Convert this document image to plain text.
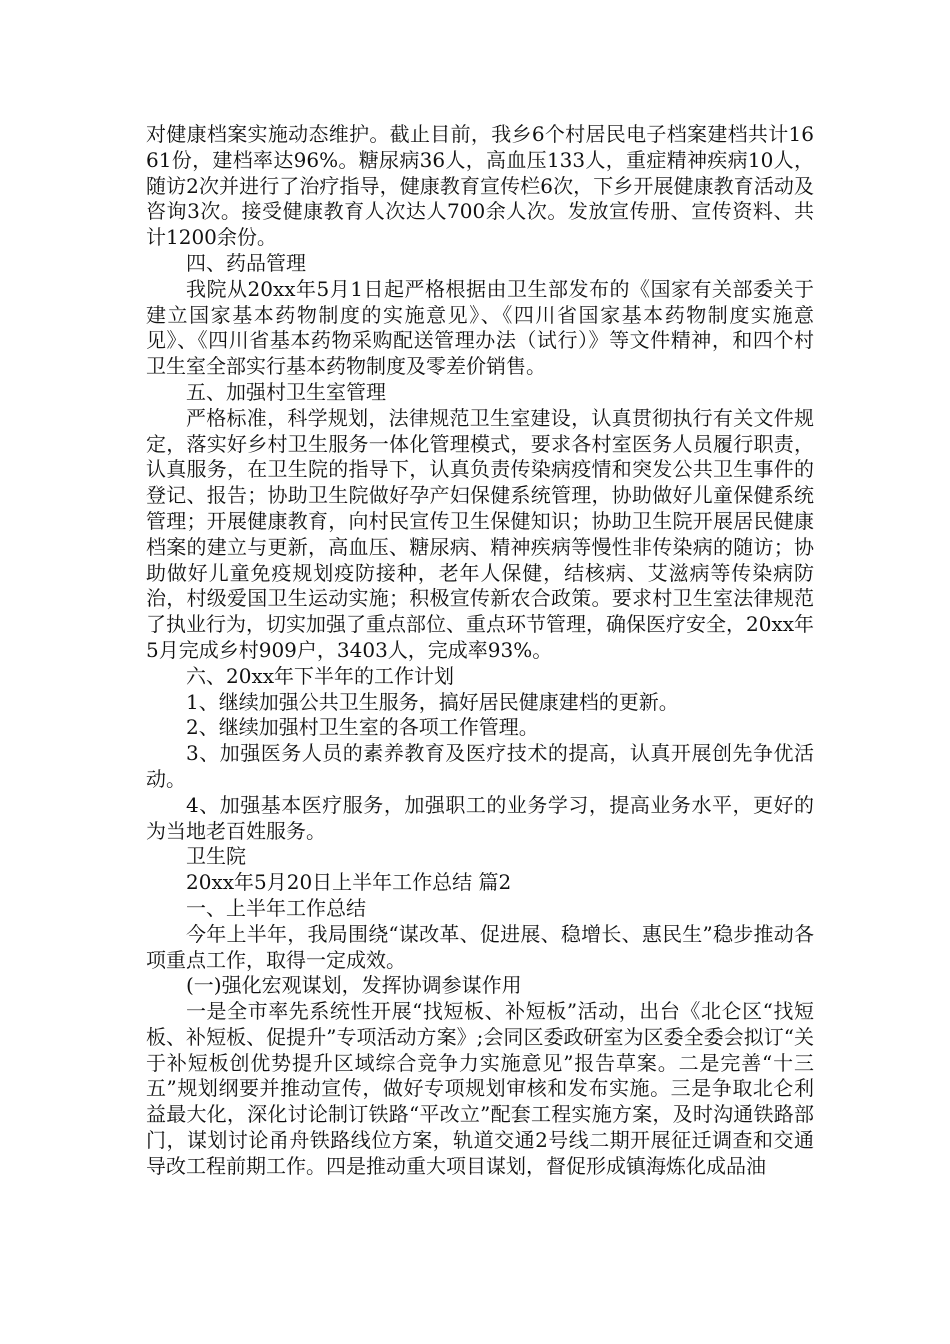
对健康档案实施动态维护。截止目前，我乡6个村居民电子档案建档共计1661份，建档率达96%。糖尿病36人，高血压133人，重症精神疾病10人，随访2次并进行了治疗指导，健康教育宣传栏6次，下乡开展健康教育活动及咨询3次。接受健康教育人次达人700余人次。发放宣传册、宣传资料、共计1200余份。

四、药品管理

我院从20xx年5月1日起严格根据由卫生部发布的《国家有关部委关于建立国家基本药物制度的实施意见》、《四川省国家基本药物制度实施意见》、《四川省基本药物采购配送管理办法（试行）》等文件精神，和四个村卫生室全部实行基本药物制度及零差价销售。

五、加强村卫生室管理

严格标准，科学规划，法律规范卫生室建设，认真贯彻执行有关文件规定，落实好乡村卫生服务一体化管理模式，要求各村室医务人员履行职责，认真服务，在卫生院的指导下，认真负责传染病疫情和突发公共卫生事件的登记、报告；协助卫生院做好孕产妇保健系统管理，协助做好儿童保健系统管理；开展健康教育，向村民宣传卫生保健知识；协助卫生院开展居民健康档案的建立与更新，高血压、糖尿病、精神疾病等慢性非传染病的随访；协助做好儿童免疫规划疫防接种，老年人保健，结核病、艾滋病等传染病防治，村级爱国卫生运动实施；积极宣传新农合政策。要求村卫生室法律规范了执业行为，切实加强了重点部位、重点环节管理，确保医疗安全，20xx年5月完成乡村909户，3403人，完成率93%。

六、20xx年下半年的工作计划

1、继续加强公共卫生服务，搞好居民健康建档的更新。

2、继续加强村卫生室的各项工作管理。

3、加强医务人员的素养教育及医疗技术的提高，认真开展创先争优活动。

4、加强基本医疗服务，加强职工的业务学习，提高业务水平，更好的为当地老百姓服务。

卫生院

20xx年5月20日上半年工作总结 篇2

一、上半年工作总结

今年上半年，我局围绕“谋改革、促进展、稳增长、惠民生”稳步推动各项重点工作，取得一定成效。

(一)强化宏观谋划，发挥协调参谋作用

一是全市率先系统性开展“找短板、补短板”活动，出台《北仑区“找短板、补短板、促提升”专项活动方案》;会同区委政研室为区委全委会拟订“关于补短板创优势提升区域综合竞争力实施意见”报告草案。二是完善“十三五”规划纲要并推动宣传，做好专项规划审核和发布实施。三是争取北仑利益最大化，深化讨论制订铁路“平改立”配套工程实施方案，及时沟通铁路部门，谋划讨论甬舟铁路线位方案，轨道交通2号线二期开展征迁调查和交通导改工程前期工作。四是推动重大项目谋划，督促形成镇海炼化成品油
